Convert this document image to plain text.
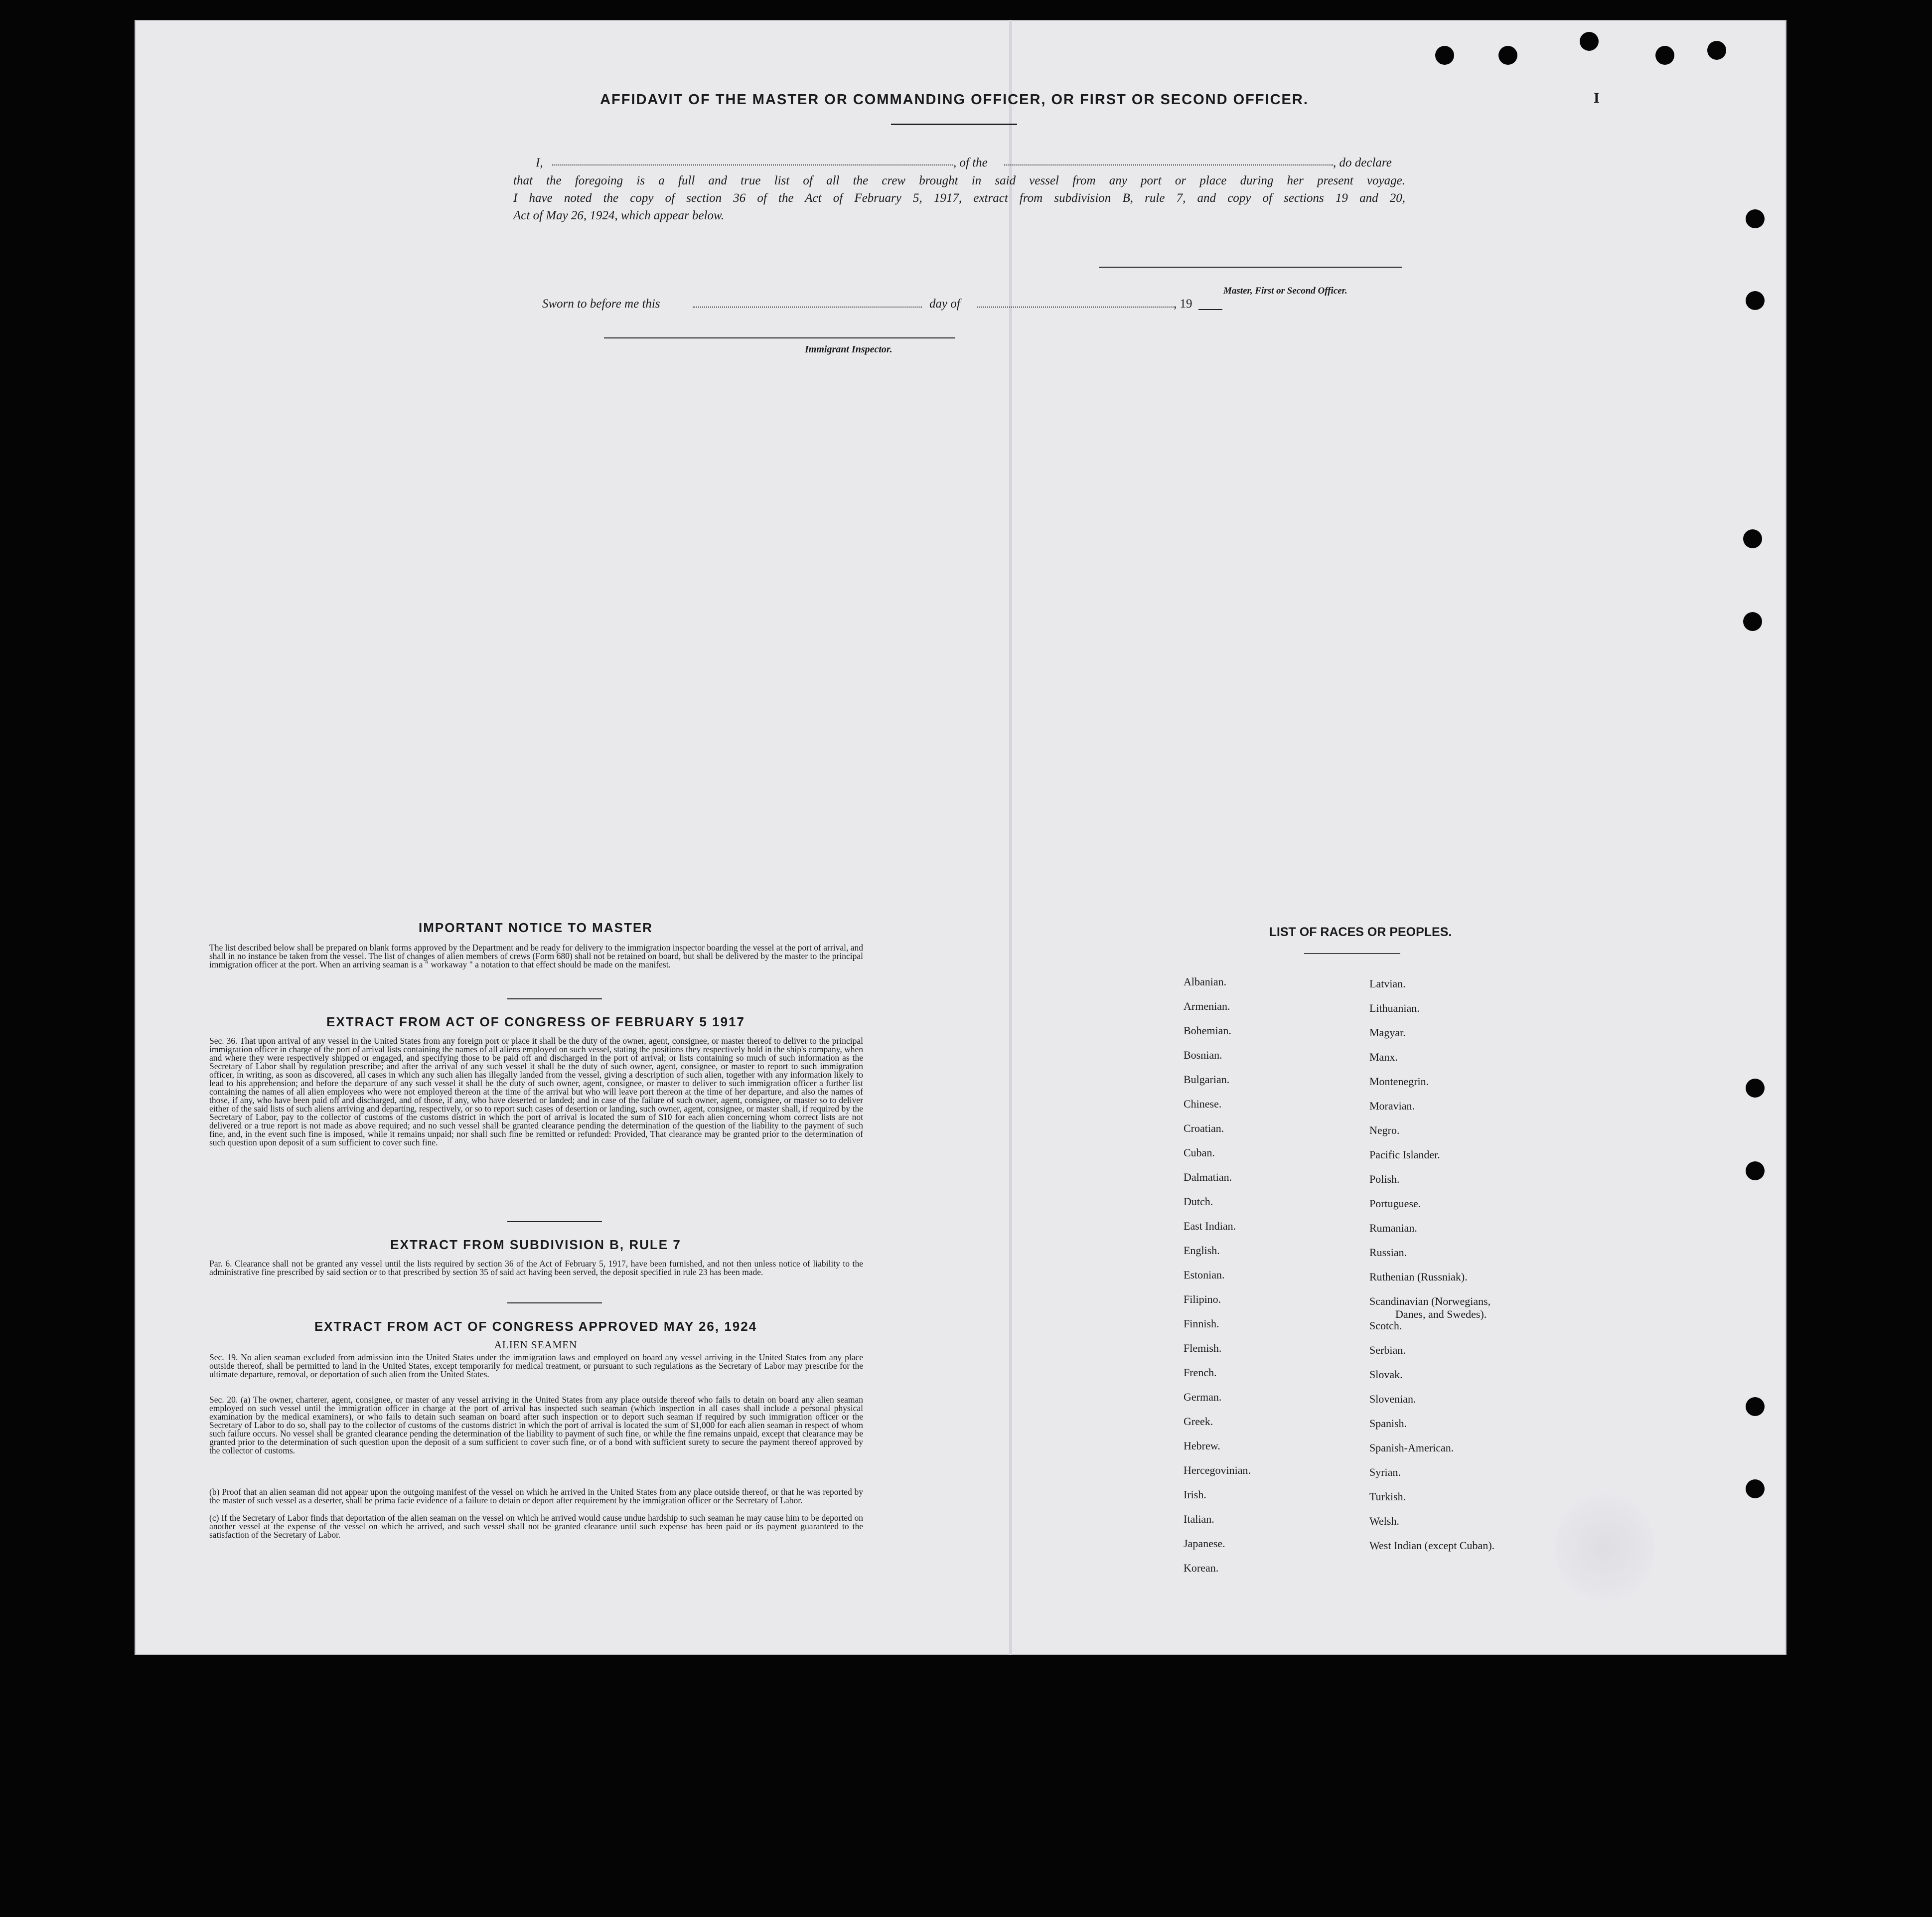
AFFIDAVIT OF THE MASTER OR COMMANDING OFFICER, OR FIRST OR SECOND OFFICER.	I
I,	, of the	, do declare
that the foregoing is a full and true list of all the crew brought in said vessel from any port or place during her present voyage.
I have noted the copy of section 36 of the Act of February 5, 1917, extract from subdivision B, rule 7, and copy of sections 19 and 20,
Act of May 26, 1924, which appear below.
Master, First or Second Officer.
Sworn to before me this	day of	, 19
Immigrant Inspector.
IMPORTANT NOTICE TO MASTER
The list described below shall be prepared on blank forms approved by the Department and be ready for delivery to the immigration inspector boarding the vessel at the port of arrival, and shall in no instance be taken from the vessel. The list of changes of alien members of crews (Form 680) shall not be retained on board, but shall be delivered by the master to the principal immigration officer at the port. When an arriving seaman is a " workaway " a notation to that effect should be made on the manifest.
EXTRACT FROM ACT OF CONGRESS OF FEBRUARY 5 1917
Sec. 36. That upon arrival of any vessel in the United States from any foreign port or place it shall be the duty of the owner, agent, consignee, or master thereof to deliver to the principal immigration officer in charge of the port of arrival lists containing the names of all aliens employed on such vessel, stating the positions they respectively hold in the ship's company, when and where they were respectively shipped or engaged, and specifying those to be paid off and discharged in the port of arrival; or lists containing so much of such information as the Secretary of Labor shall by regulation prescribe; and after the arrival of any such vessel it shall be the duty of such owner, agent, consignee, or master to report to such immigration officer, in writing, as soon as discovered, all cases in which any such alien has illegally landed from the vessel, giving a description of such alien, together with any information likely to lead to his apprehension; and before the departure of any such vessel it shall be the duty of such owner, agent, consignee, or master to deliver to such immigration officer a further list containing the names of all alien employees who were not employed thereon at the time of the arrival but who will leave port thereon at the time of her departure, and also the names of those, if any, who have been paid off and discharged, and of those, if any, who have deserted or landed; and in case of the failure of such owner, agent, consignee, or master so to deliver either of the said lists of such aliens arriving and departing, respectively, or so to report such cases of desertion or landing, such owner, agent, consignee, or master shall, if required by the Secretary of Labor, pay to the collector of customs of the customs district in which the port of arrival is located the sum of $10 for each alien concerning whom correct lists are not delivered or a true report is not made as above required; and no such vessel shall be granted clearance pending the determination of the question of the liability to the payment of such fine, and, in the event such fine is imposed, while it remains unpaid; nor shall such fine be remitted or refunded: Provided, That clearance may be granted prior to the determination of such question upon deposit of a sum sufficient to cover such fine.
EXTRACT FROM SUBDIVISION B, RULE 7
Par. 6. Clearance shall not be granted any vessel until the lists required by section 36 of the Act of February 5, 1917, have been furnished, and not then unless notice of liability to the administrative fine prescribed by said section or to that prescribed by section 35 of said act having been served, the deposit specified in rule 23 has been made.
EXTRACT FROM ACT OF CONGRESS APPROVED MAY 26, 1924
ALIEN SEAMEN
Sec. 19. No alien seaman excluded from admission into the United States under the immigration laws and employed on board any vessel arriving in the United States from any place outside thereof, shall be permitted to land in the United States, except temporarily for medical treatment, or pursuant to such regulations as the Secretary of Labor may prescribe for the ultimate departure, removal, or deportation of such alien from the United States.
Sec. 20. (a) The owner, charterer, agent, consignee, or master of any vessel arriving in the United States from any place outside thereof who fails to detain on board any alien seaman employed on such vessel until the immigration officer in charge at the port of arrival has inspected such seaman (which inspection in all cases shall include a personal physical examination by the medical examiners), or who fails to detain such seaman on board after such inspection or to deport such seaman if required by such immigration officer or the Secretary of Labor to do so, shall pay to the collector of customs of the customs district in which the port of arrival is located the sum of $1,000 for each alien seaman in respect of whom such failure occurs. No vessel shall be granted clearance pending the determination of the liability to payment of such fine, or while the fine remains unpaid, except that clearance may be granted prior to the determination of such question upon the deposit of a sum sufficient to cover such fine, or of a bond with sufficient surety to secure the payment thereof approved by the collector of customs.
(b) Proof that an alien seaman did not appear upon the outgoing manifest of the vessel on which he arrived in the United States from any place outside thereof, or that he was reported by the master of such vessel as a deserter, shall be prima facie evidence of a failure to detain or deport after requirement by the immigration officer or the Secretary of Labor.
(c) If the Secretary of Labor finds that deportation of the alien seaman on the vessel on which he arrived would cause undue hardship to such seaman he may cause him to be deported on another vessel at the expense of the vessel on which he arrived, and such vessel shall not be granted clearance until such expense has been paid or its payment guaranteed to the satisfaction of the Secretary of Labor.
LIST OF RACES OR PEOPLES.
Albanian.
Armenian.
Bohemian.
Bosnian.
Bulgarian.
Chinese.
Croatian.
Cuban.
Dalmatian.
Dutch.
East Indian.
English.
Estonian.
Filipino.
Finnish.
Flemish.
French.
German.
Greek.
Hebrew.
Hercegovinian.
Irish.
Italian.
Japanese.
Korean.
Latvian.
Lithuanian.
Magyar.
Manx.
Montenegrin.
Moravian.
Negro.
Pacific Islander.
Polish.
Portuguese.
Rumanian.
Russian.
Ruthenian (Russniak).
Scandinavian (Norwegians,
Danes, and Swedes).
Scotch.
Serbian.
Slovak.
Slovenian.
Spanish.
Spanish-American.
Syrian.
Turkish.
Welsh.
West Indian (except Cuban).
